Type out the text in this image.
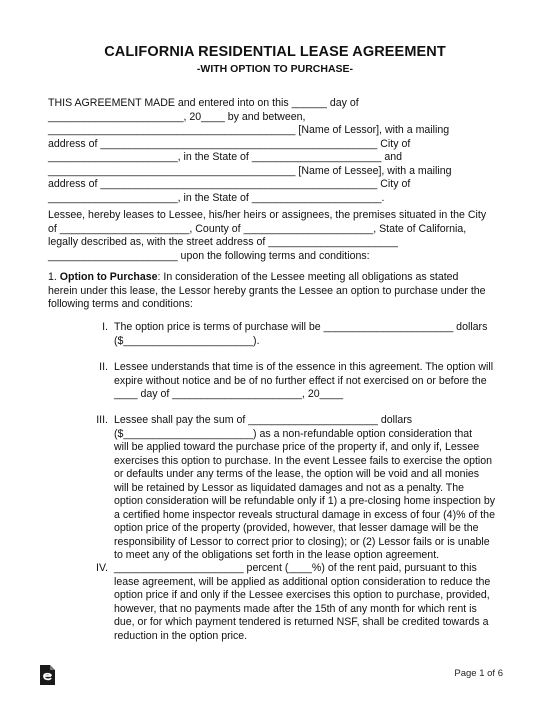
CALIFORNIA RESIDENTIAL LEASE AGREEMENT
-WITH OPTION TO PURCHASE-
THIS AGREEMENT MADE and entered into on this ______ day of
_______________________, 20____ by and between,
__________________________________________ [Name of Lessor], with a mailing
address of _______________________________________________ City of
______________________, in the State of ______________________ and
__________________________________________ [Name of Lessee], with a mailing
address of _______________________________________________ City of
______________________, in the State of ______________________.
Lessee, hereby leases to Lessee, his/her heirs or assignees, the premises situated in the City
of ______________________, County of ______________________, State of California,
legally described as, with the street address of ______________________
______________________ upon the following terms and conditions:
1. Option to Purchase: In consideration of the Lessee meeting all obligations as stated
herein under this lease, the Lessor hereby grants the Lessee an option to purchase under the
following terms and conditions:
I. The option price is terms of purchase will be ______________________ dollars
($______________________).
II. Lessee understands that time is of the essence in this agreement. The option will
expire without notice and be of no further effect if not exercised on or before the
____ day of ______________________, 20____
III. Lessee shall pay the sum of ______________________ dollars
($______________________) as a non-refundable option consideration that
will be applied toward the purchase price of the property if, and only if, Lessee
exercises this option to purchase. In the event Lessee fails to exercise the option
or defaults under any terms of the lease, the option will be void and all monies
will be retained by Lessor as liquidated damages and not as a penalty. The
option consideration will be refundable only if 1) a pre-closing home inspection by
a certified home inspector reveals structural damage in excess of four (4)% of the
option price of the property (provided, however, that lesser damage will be the
responsibility of Lessor to correct prior to closing); or (2) Lessor fails or is unable
to meet any of the obligations set forth in the lease option agreement.
IV. ______________________ percent (____%) of the rent paid, pursuant to this
lease agreement, will be applied as additional option consideration to reduce the
option price if and only if the Lessee exercises this option to purchase, provided,
however, that no payments made after the 15th of any month for which rent is
due, or for which payment tendered is returned NSF, shall be credited towards a
reduction in the option price.
Page 1 of 6
